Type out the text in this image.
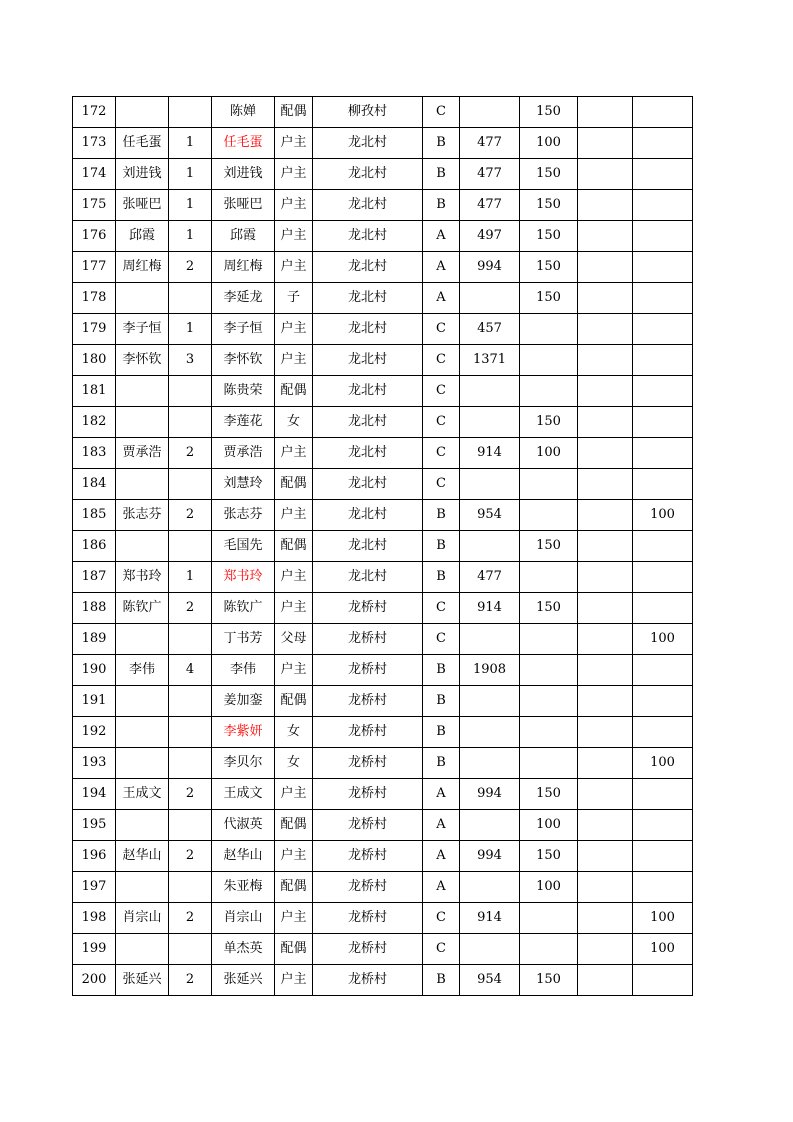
172			陈婵	配偶	柳孜村	C		150		
173	任毛蛋	1	任毛蛋	户主	龙北村	B	477	100		
174	刘进钱	1	刘进钱	户主	龙北村	B	477	150		
175	张哑巴	1	张哑巴	户主	龙北村	B	477	150		
176	邱霞	1	邱霞	户主	龙北村	A	497	150		
177	周红梅	2	周红梅	户主	龙北村	A	994	150		
178			李延龙	子	龙北村	A		150		
179	李子恒	1	李子恒	户主	龙北村	C	457			
180	李怀钦	3	李怀钦	户主	龙北村	C	1371			
181			陈贵荣	配偶	龙北村	C				
182			李莲花	女	龙北村	C		150		
183	贾承浩	2	贾承浩	户主	龙北村	C	914	100		
184			刘慧玲	配偶	龙北村	C				
185	张志芬	2	张志芬	户主	龙北村	B	954			100
186			毛国先	配偶	龙北村	B		150		
187	郑书玲	1	郑书玲	户主	龙北村	B	477			
188	陈钦广	2	陈钦广	户主	龙桥村	C	914	150		
189			丁书芳	父母	龙桥村	C				100
190	李伟	4	李伟	户主	龙桥村	B	1908			
191			姜加銮	配偶	龙桥村	B				
192			李紫妍	女	龙桥村	B				
193			李贝尔	女	龙桥村	B				100
194	王成文	2	王成文	户主	龙桥村	A	994	150		
195			代淑英	配偶	龙桥村	A		100		
196	赵华山	2	赵华山	户主	龙桥村	A	994	150		
197			朱亚梅	配偶	龙桥村	A		100		
198	肖宗山	2	肖宗山	户主	龙桥村	C	914			100
199			单杰英	配偶	龙桥村	C				100
200	张延兴	2	张延兴	户主	龙桥村	B	954	150		
